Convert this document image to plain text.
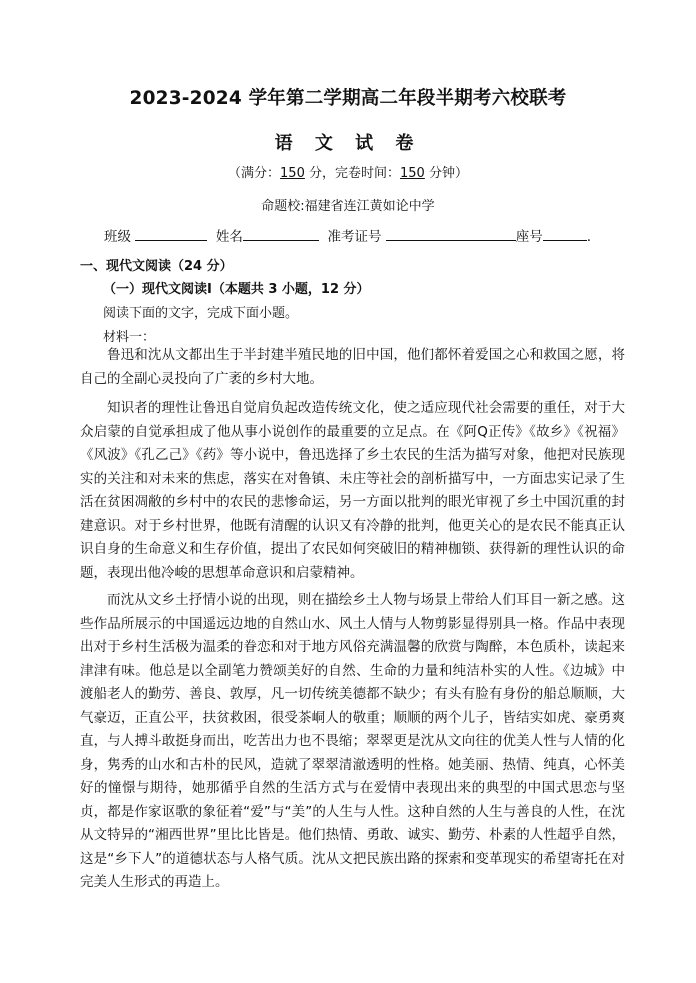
2023-2024 学年第二学期高二年段半期考六校联考
语 文 试 卷
（满分：150 分，完卷时间：150 分钟）
命题校:福建省连江黄如论中学
班级	姓名	准考证号	座号	.
一、现代文阅读（24 分）
（一）现代文阅读Ⅰ（本题共 3 小题，12 分）
阅读下面的文字，完成下面小题。
材料一：

鲁迅和沈从文都出生于半封建半殖民地的旧中国，他们都怀着爱国之心和救国之愿，将自己的全副心灵投向了广袤的乡村大地。

知识者的理性让鲁迅自觉肩负起改造传统文化，使之适应现代社会需要的重任，对于大众启蒙的自觉承担成了他从事小说创作的最重要的立足点。在《阿Q正传》《故乡》《祝福》《风波》《孔乙己》《药》等小说中，鲁迅选择了乡土农民的生活为描写对象，他把对民族现实的关注和对未来的焦虑，落实在对鲁镇、未庄等社会的剖析描写中，一方面忠实记录了生活在贫困凋敝的乡村中的农民的悲惨命运，另一方面以批判的眼光审视了乡土中国沉重的封建意识。对于乡村世界，他既有清醒的认识又有冷静的批判，他更关心的是农民不能真正认识自身的生命意义和生存价值，提出了农民如何突破旧的精神枷锁、获得新的理性认识的命题，表现出他冷峻的思想革命意识和启蒙精神。

而沈从文乡土抒情小说的出现，则在描绘乡土人物与场景上带给人们耳目一新之感。这些作品所展示的中国遥远边地的自然山水、风土人情与人物剪影显得别具一格。作品中表现出对于乡村生活极为温柔的眷恋和对于地方风俗充满温馨的欣赏与陶醉，本色质朴，读起来津津有味。他总是以全副笔力赞颂美好的自然、生命的力量和纯洁朴实的人性。《边城》中渡船老人的勤劳、善良、敦厚，凡一切传统美德都不缺少；有头有脸有身份的船总顺顺，大气豪迈，正直公平，扶贫救困，很受茶峒人的敬重；顺顺的两个儿子，皆结实如虎、豪勇爽直，与人搏斗敢挺身而出，吃苦出力也不畏缩；翠翠更是沈从文向往的优美人性与人情的化身，隽秀的山水和古朴的民风，造就了翠翠清澈透明的性格。她美丽、热情、纯真，心怀美好的憧憬与期待，她那循乎自然的生活方式与在爱情中表现出来的典型的中国式思恋与坚贞，都是作家讴歌的象征着“爱”与“美”的人生与人性。这种自然的人生与善良的人性，在沈从文特异的“湘西世界”里比比皆是。他们热情、勇敢、诚实、勤劳、朴素的人性超乎自然，这是“乡下人”的道德状态与人格气质。沈从文把民族出路的探索和变革现实的希望寄托在对完美人生形式的再造上。
